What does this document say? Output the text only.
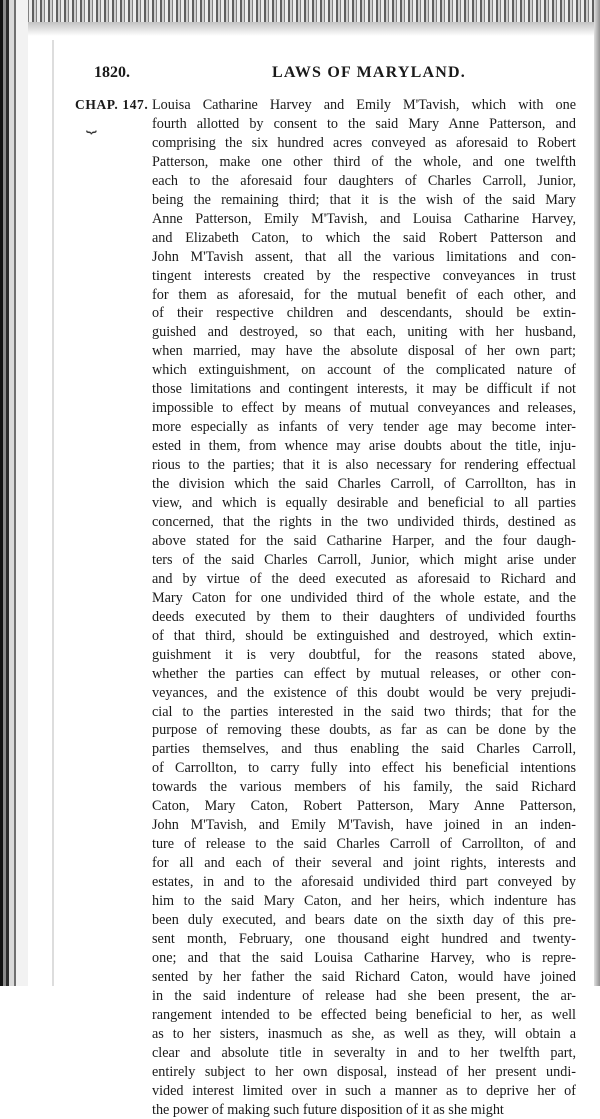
1820.	LAWS OF MARYLAND.
CHAP. 147.
⏟
Louisa Catharine Harvey and Emily M'Tavish, which with one
fourth allotted by consent to the said Mary Anne Patterson, and
comprising the six hundred acres conveyed as aforesaid to Robert
Patterson, make one other third of the whole, and one twelfth
each to the aforesaid four daughters of Charles Carroll, Junior,
being the remaining third; that it is the wish of the said Mary
Anne Patterson, Emily M'Tavish, and Louisa Catharine Harvey,
and Elizabeth Caton, to which the said Robert Patterson and
John M'Tavish assent, that all the various limitations and con-
tingent interests created by the respective conveyances in trust
for them as aforesaid, for the mutual benefit of each other, and
of their respective children and descendants, should be extin-
guished and destroyed, so that each, uniting with her husband,
when married, may have the absolute disposal of her own part;
which extinguishment, on account of the complicated nature of
those limitations and contingent interests, it may be difficult if not
impossible to effect by means of mutual conveyances and releases,
more especially as infants of very tender age may become inter-
ested in them, from whence may arise doubts about the title, inju-
rious to the parties; that it is also necessary for rendering effectual
the division which the said Charles Carroll, of Carrollton, has in
view, and which is equally desirable and beneficial to all parties
concerned, that the rights in the two undivided thirds, destined as
above stated for the said Catharine Harper, and the four daugh-
ters of the said Charles Carroll, Junior, which might arise under
and by virtue of the deed executed as aforesaid to Richard and
Mary Caton for one undivided third of the whole estate, and the
deeds executed by them to their daughters of undivided fourths
of that third, should be extinguished and destroyed, which extin-
guishment it is very doubtful, for the reasons stated above,
whether the parties can effect by mutual releases, or other con-
veyances, and the existence of this doubt would be very prejudi-
cial to the parties interested in the said two thirds; that for the
purpose of removing these doubts, as far as can be done by the
parties themselves, and thus enabling the said Charles Carroll,
of Carrollton, to carry fully into effect his beneficial intentions
towards the various members of his family, the said Richard
Caton, Mary Caton, Robert Patterson, Mary Anne Patterson,
John M'Tavish, and Emily M'Tavish, have joined in an inden-
ture of release to the said Charles Carroll of Carrollton, of and
for all and each of their several and joint rights, interests and
estates, in and to the aforesaid undivided third part conveyed by
him to the said Mary Caton, and her heirs, which indenture has
been duly executed, and bears date on the sixth day of this pre-
sent month, February, one thousand eight hundred and twenty-
one; and that the said Louisa Catharine Harvey, who is repre-
sented by her father the said Richard Caton, would have joined
in the said indenture of release had she been present, the ar-
rangement intended to be effected being beneficial to her, as well
as to her sisters, inasmuch as she, as well as they, will obtain a
clear and absolute title in severalty in and to her twelfth part,
entirely subject to her own disposal, instead of her present undi-
vided interest limited over in such a manner as to deprive her of
the power of making such future disposition of it as she might
